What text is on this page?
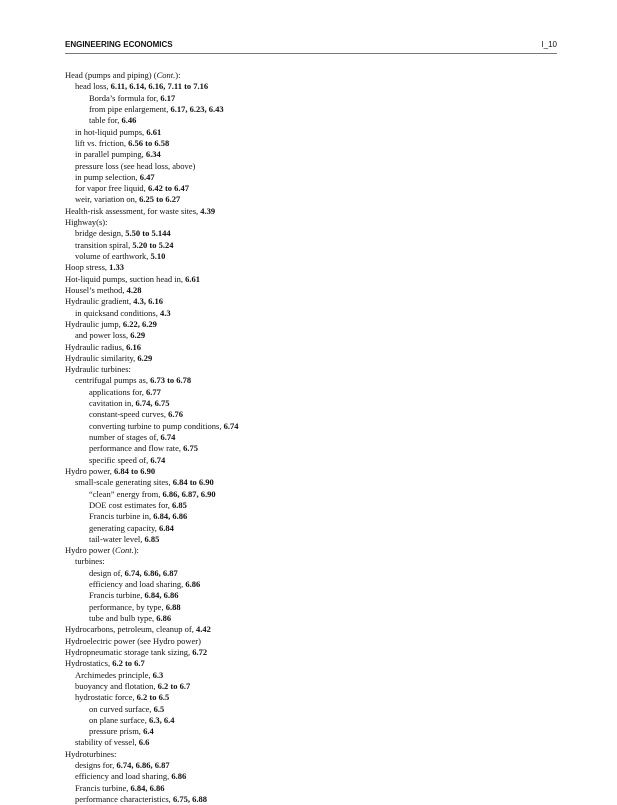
ENGINEERING ECONOMICS	I_10
Head (pumps and piping) (Cont.):
head loss, 6.11, 6.14, 6.16, 7.11 to 7.16
Borda’s formula for, 6.17
from pipe enlargement, 6.17, 6.23, 6.43
table for, 6.46
in hot-liquid pumps, 6.61
lift vs. friction, 6.56 to 6.58
in parallel pumping, 6.34
pressure loss (see head loss, above)
in pump selection, 6.47
for vapor free liquid, 6.42 to 6.47
weir, variation on, 6.25 to 6.27
Health-risk assessment, for waste sites, 4.39
Highway(s):
bridge design, 5.50 to 5.144
transition spiral, 5.20 to 5.24
volume of earthwork, 5.10
Hoop stress, 1.33
Hot-liquid pumps, suction head in, 6.61
Housel’s method, 4.28
Hydraulic gradient, 4.3, 6.16
in quicksand conditions, 4.3
Hydraulic jump, 6.22, 6.29
and power loss, 6.29
Hydraulic radius, 6.16
Hydraulic similarity, 6.29
Hydraulic turbines:
centrifugal pumps as, 6.73 to 6.78
applications for, 6.77
cavitation in, 6.74, 6.75
constant-speed curves, 6.76
converting turbine to pump conditions, 6.74
number of stages of, 6.74
performance and flow rate, 6.75
specific speed of, 6.74
Hydro power, 6.84 to 6.90
small-scale generating sites, 6.84 to 6.90
“clean” energy from, 6.86, 6.87, 6.90
DOE cost estimates for, 6.85
Francis turbine in, 6.84, 6.86
generating capacity, 6.84
tail-water level, 6.85
Hydro power (Cont.):
turbines:
design of, 6.74, 6.86, 6.87
efficiency and load sharing, 6.86
Francis turbine, 6.84, 6.86
performance, by type, 6.88
tube and bulb type, 6.86
Hydrocarbons, petroleum, cleanup of, 4.42
Hydroelectric power (see Hydro power)
Hydropneumatic storage tank sizing, 6.72
Hydrostatics, 6.2 to 6.7
Archimedes principle, 6.3
buoyancy and flotation, 6.2 to 6.7
hydrostatic force, 6.2 to 6.5
on curved surface, 6.5
on plane surface, 6.3, 6.4
pressure prism, 6.4
stability of vessel, 6.6
Hydroturbines:
designs for, 6.74, 6.86, 6.87
efficiency and load sharing, 6.86
Francis turbine, 6.84, 6.86
performance characteristics, 6.75, 6.88
